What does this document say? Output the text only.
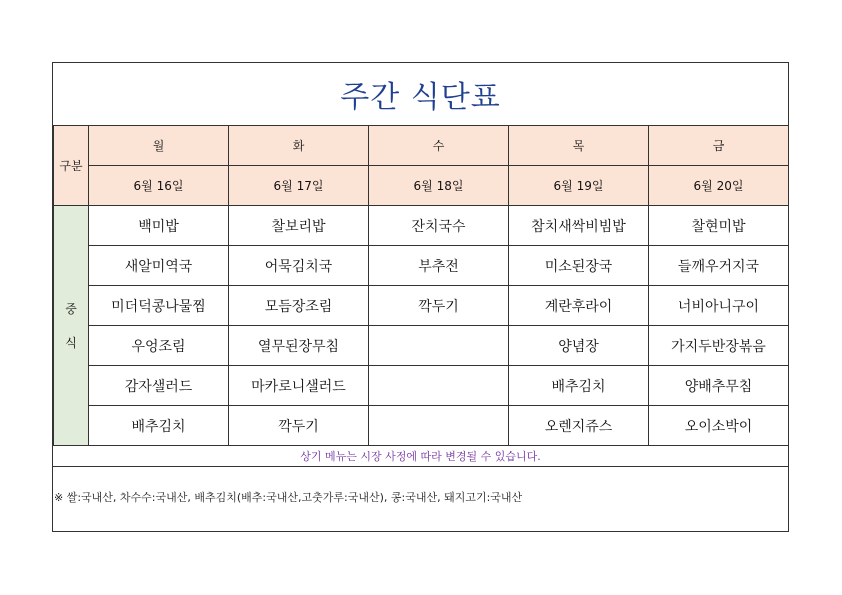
주간 식단표
구분	월	화	수	목	금
	6월 16일	6월 17일	6월 18일	6월 19일	6월 20일

중
식	백미밥	찰보리밥	잔치국수	참치새싹비빔밥	찰현미밥
	새알미역국	어묵김치국	부추전	미소된장국	들깨우거지국
	미더덕콩나물찜	모듬장조림	깍두기	계란후라이	너비아니구이
	우엉조림	열무된장무침		양념장	가지두반장볶음
	감자샐러드	마카로니샐러드		배추김치	양배추무침
	배추김치	깍두기		오렌지쥬스	오이소박이
상기 메뉴는 시장 사정에 따라 변경될 수 있습니다.
※ 쌀:국내산, 차수수:국내산, 배추김치(배추:국내산,고춧가루:국내산), 콩:국내산, 돼지고기:국내산
